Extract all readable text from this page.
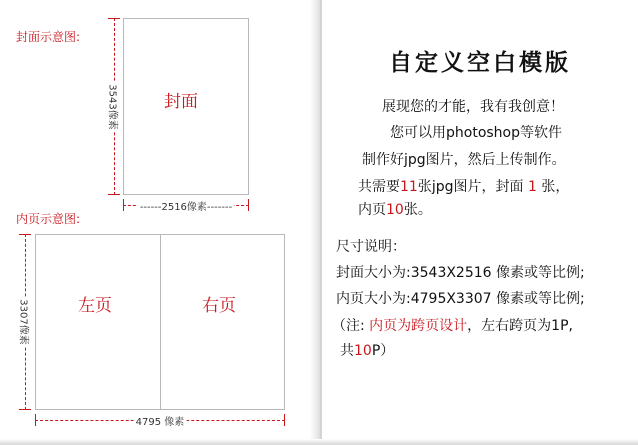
封面示意图:
3543像素	封面
------2516像素-------
内页示意图:
3307像素	左页	右页
4795 像素
自定义空白模版
展现您的才能，我有我创意！
您可以用photoshop等软件
制作好jpg图片，然后上传制作。
共需要11张jpg图片，封面 1 张，
内页10张。
尺寸说明：
封面大小为:3543X2516 像素或等比例;
内页大小为:4795X3307 像素或等比例;
（注: 内页为跨页设计，左右跨页为1P,
共10P）
